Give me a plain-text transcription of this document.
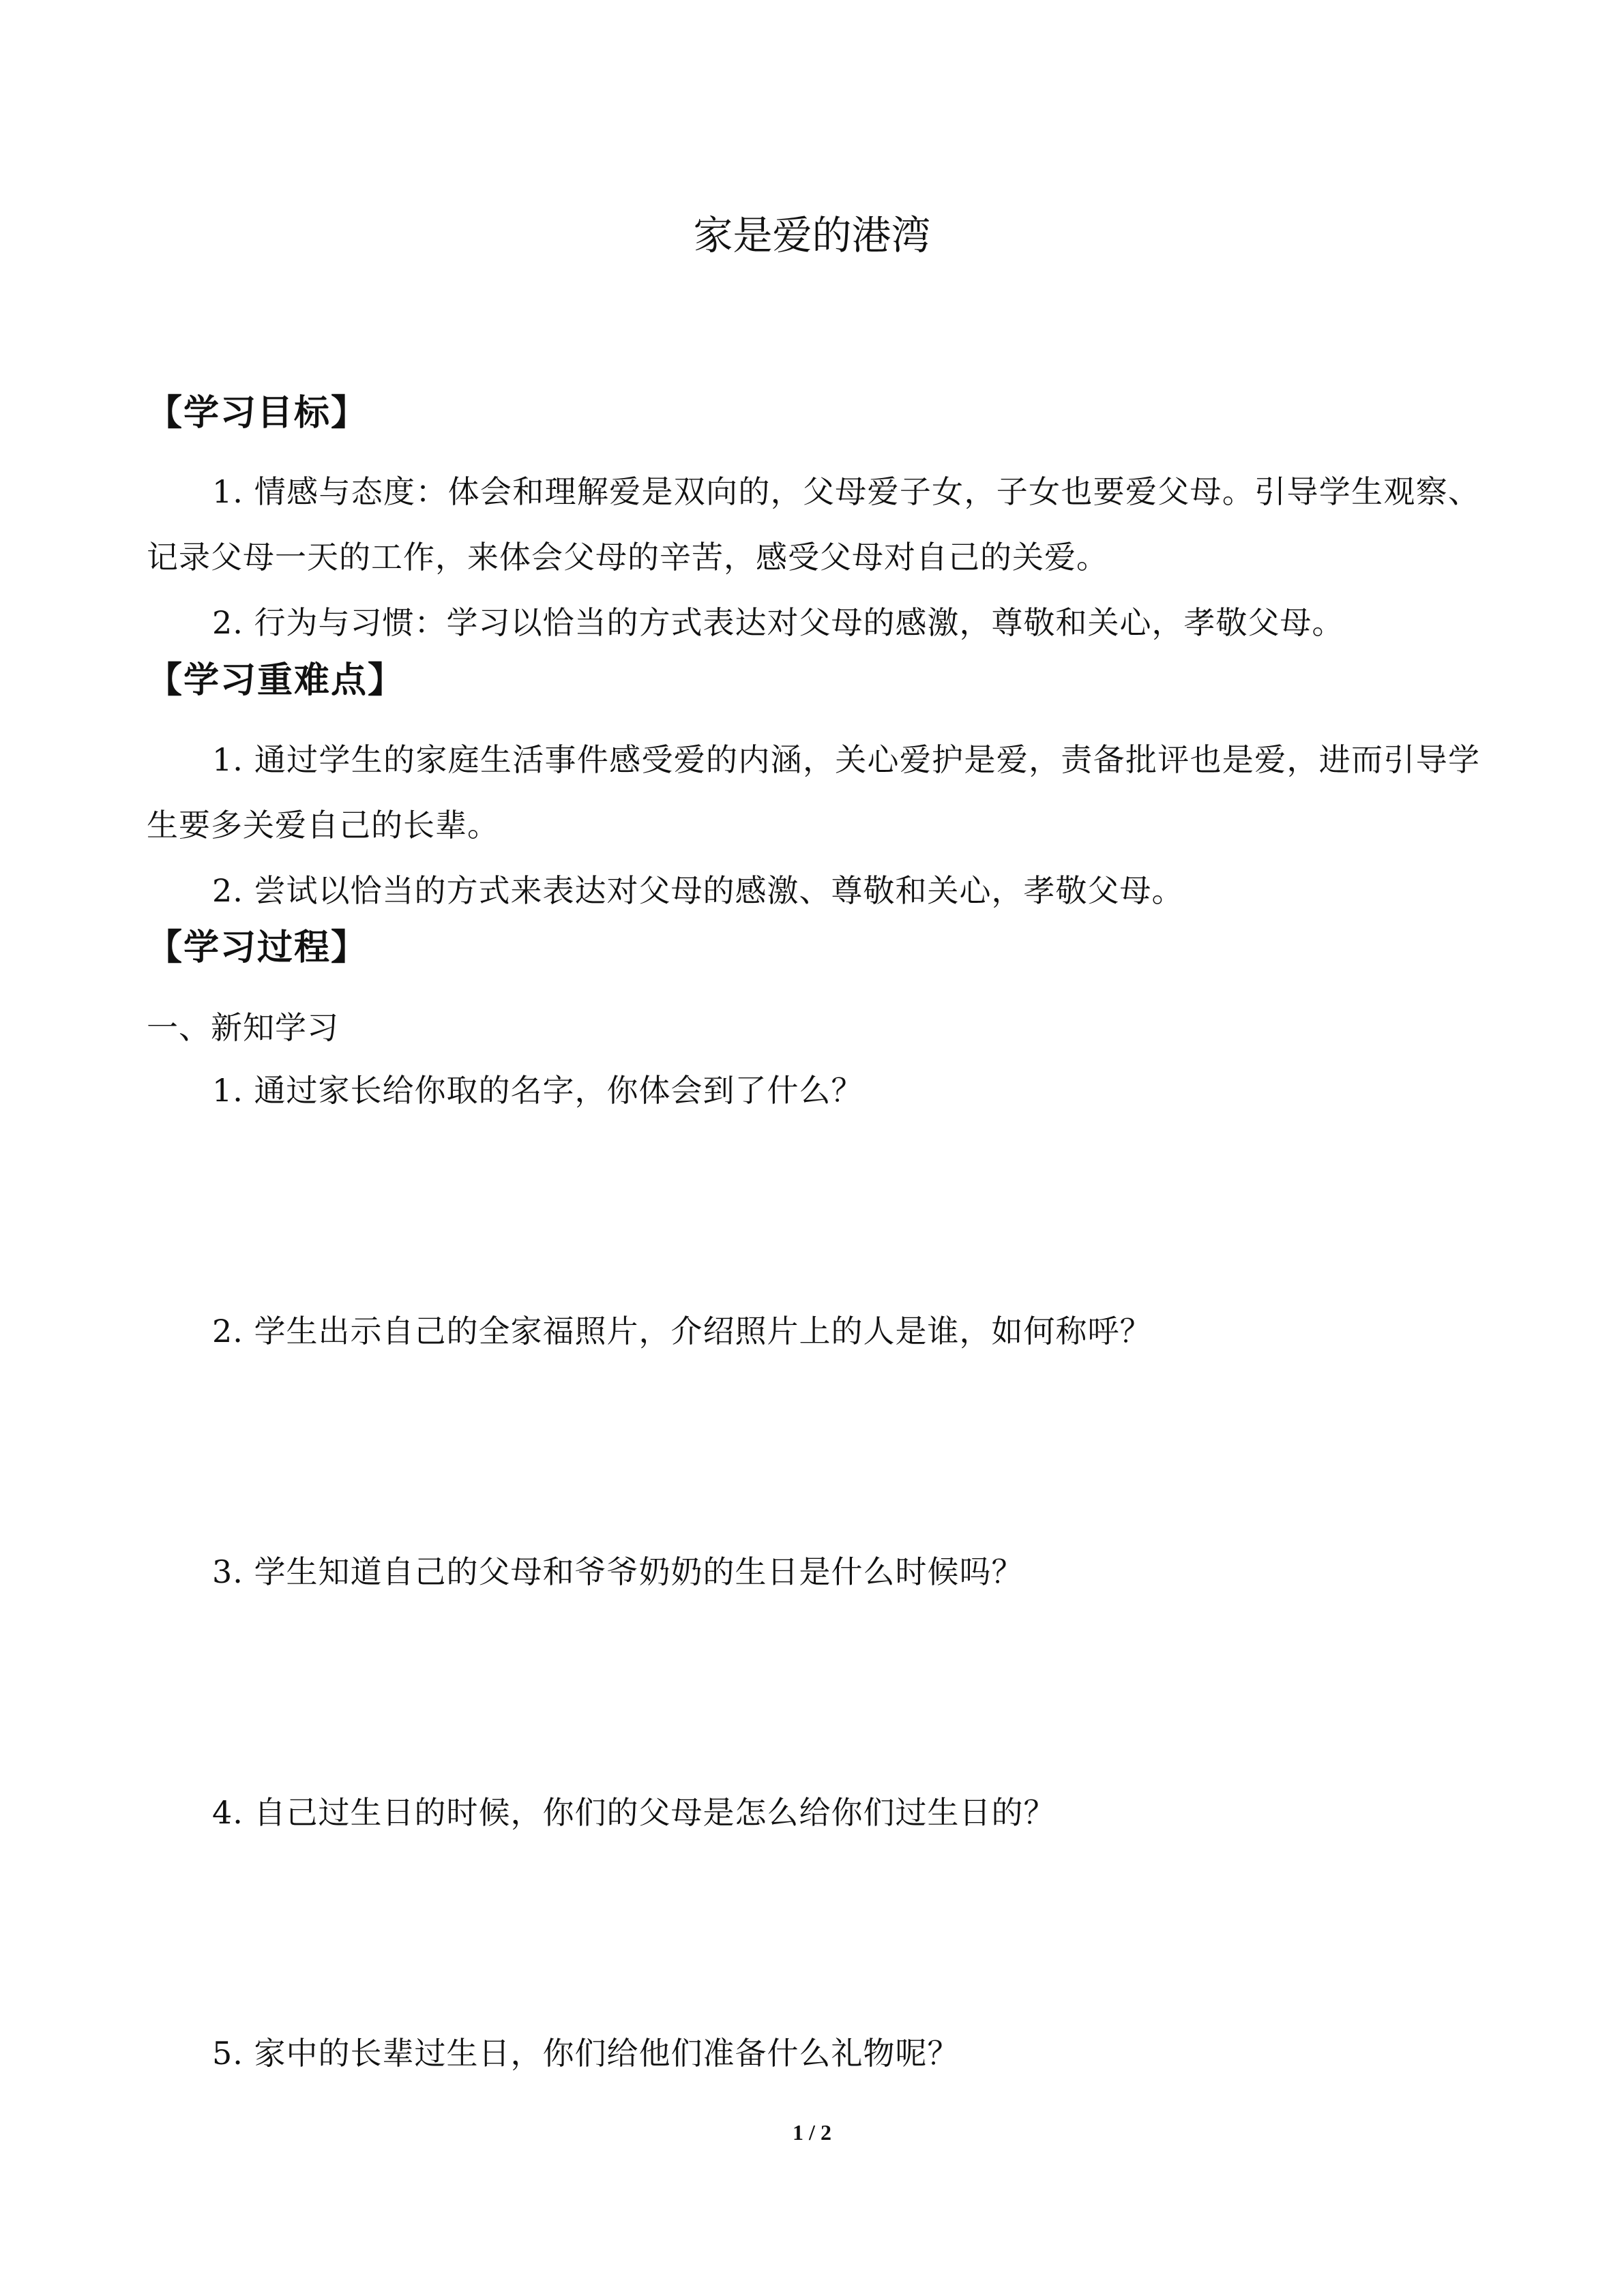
家是爱的港湾
【学习目标】
1. 情感与态度：体会和理解爱是双向的，父母爱子女，子女也要爱父母。引导学生观察、记录父母一天的工作，来体会父母的辛苦，感受父母对自己的关爱。
2. 行为与习惯：学习以恰当的方式表达对父母的感激，尊敬和关心，孝敬父母。
【学习重难点】
1. 通过学生的家庭生活事件感受爱的内涵，关心爱护是爱，责备批评也是爱，进而引导学生要多关爱自己的长辈。
2. 尝试以恰当的方式来表达对父母的感激、尊敬和关心，孝敬父母。
【学习过程】
一、新知学习
1. 通过家长给你取的名字，你体会到了什么？
2. 学生出示自己的全家福照片，介绍照片上的人是谁，如何称呼？
3. 学生知道自己的父母和爷爷奶奶的生日是什么时候吗？
4. 自己过生日的时候，你们的父母是怎么给你们过生日的？
5. 家中的长辈过生日，你们给他们准备什么礼物呢？
1 / 2
